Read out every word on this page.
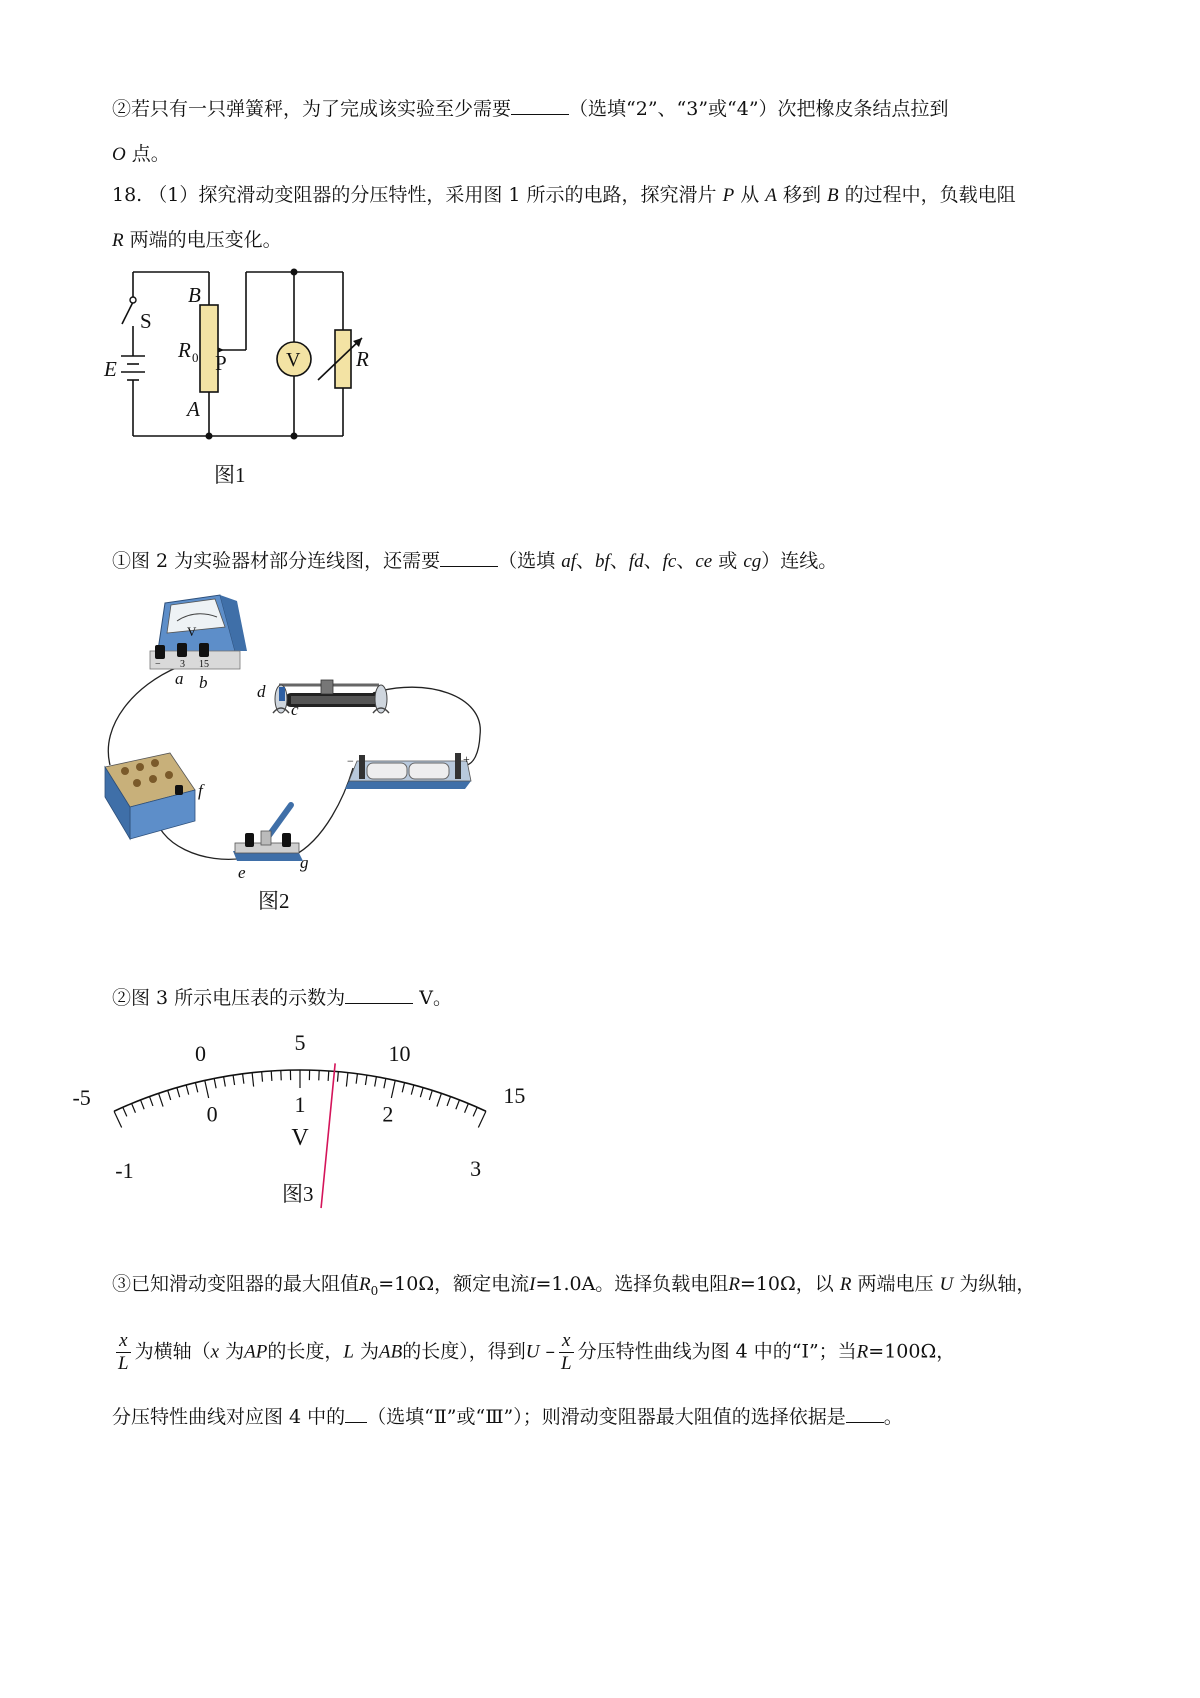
②若只有一只弹簧秤，为了完成该实验至少需要	（选填“2”、“3”或“4”）次把橡皮条结点拉到
O 点。
18. （1）探究滑动变阻器的分压特性，采用图 1 所示的电路，探究滑片 P 从 A 移到 B 的过程中，负载电阻
R 两端的电压变化。
S
E
B
R 0 P
A
V	R
图1
①图 2 为实验器材部分连线图，还需要	（选填 af、bf、fd、fc、ce 或 cg）连线。
V
− 3 15
a b	d
c
−	+
f
e
g
图2
②图 3 所示电压表的示数为	V。
-5
0	5	10
15
-1
0	1	2
3
V
图3
③已知滑动变阻器的最大阻值$R_0=10\Omega$，额定电流I=1.0A。选择负载电阻R=10Ω，以 R 两端电压 U 为纵轴，
$\frac{x}{L}$ 为横轴（x 为AP的长度，L 为AB的长度），得到U – $\frac{x}{L}$ 分压特性曲线为图 4 中的“I”；当R=100Ω，
分压特性曲线对应图 4 中的 （选填“Ⅱ”或“Ⅲ”）；则滑动变阻器最大阻值的选择依据是 。
